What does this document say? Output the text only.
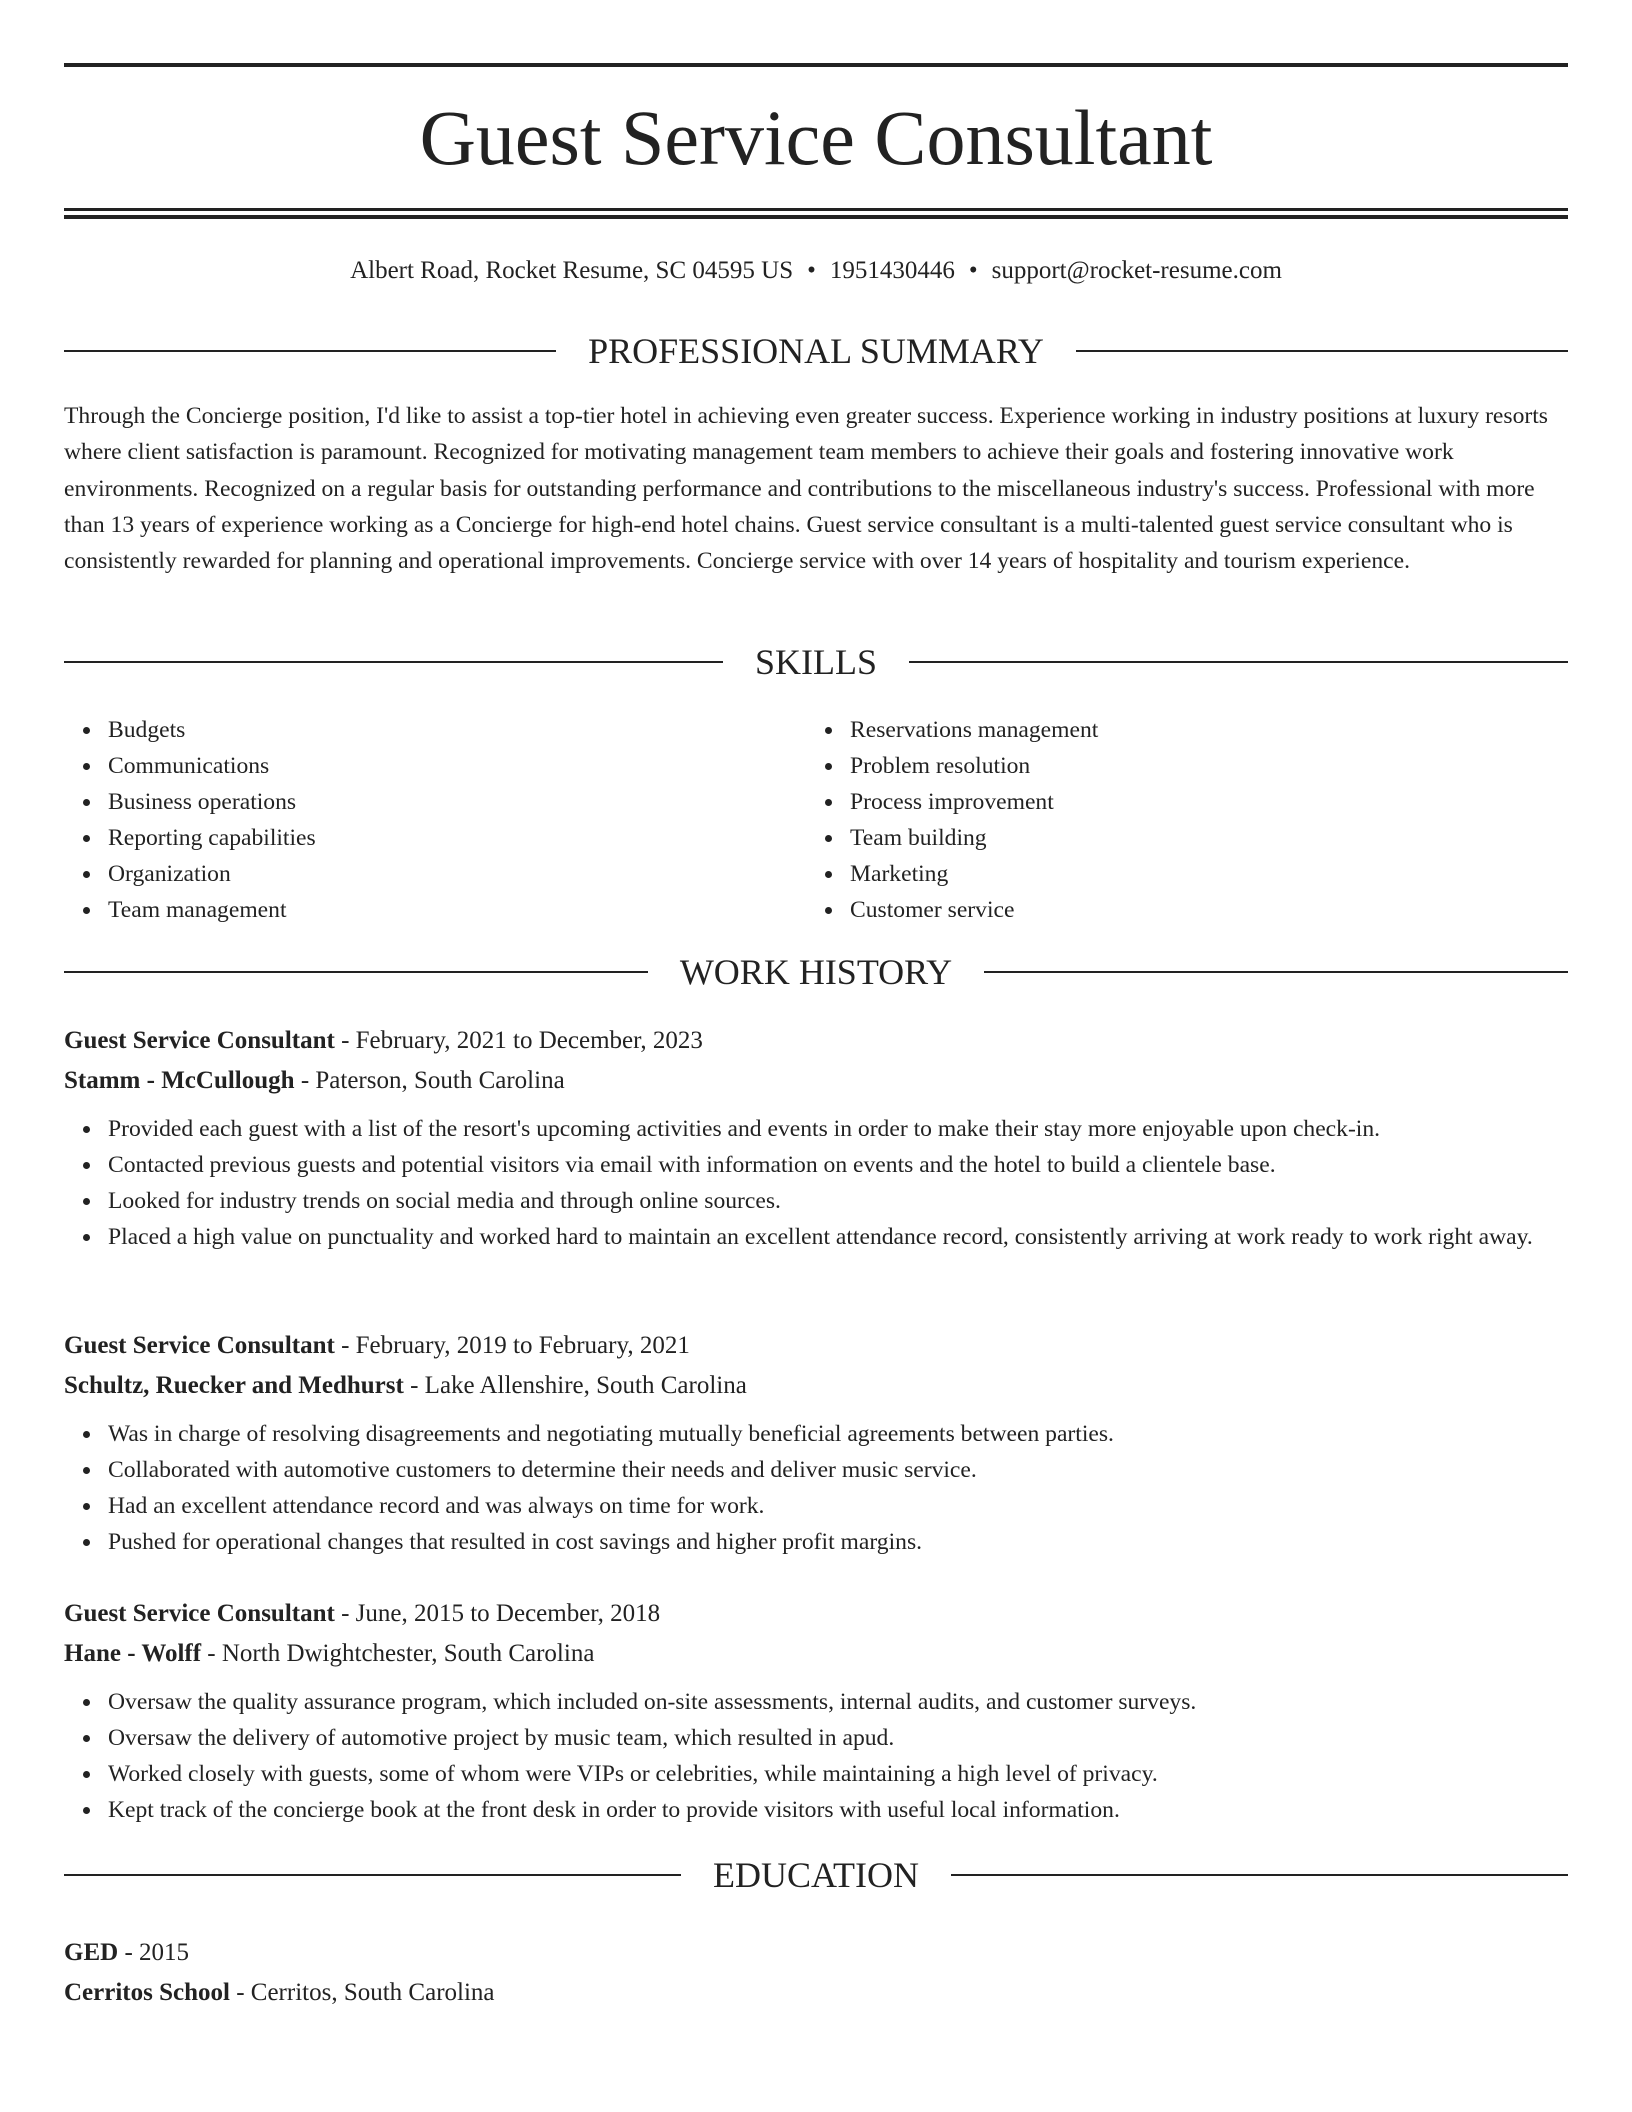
Guest Service Consultant
Albert Road, Rocket Resume, SC 04595 US • 1951430446 • support@rocket-resume.com
PROFESSIONAL SUMMARY

Through the Concierge position, I'd like to assist a top-tier hotel in achieving even greater success. Experience working in industry positions at luxury resorts where client satisfaction is paramount. Recognized for motivating management team members to achieve their goals and fostering innovative work environments. Recognized on a regular basis for outstanding performance and contributions to the miscellaneous industry's success. Professional with more than 13 years of experience working as a Concierge for high-end hotel chains. Guest service consultant is a multi-talented guest service consultant who is consistently rewarded for planning and operational improvements. Concierge service with over 14 years of hospitality and tourism experience.

SKILLS
Budgets
Communications
Business operations
Reporting capabilities
Organization
Team management
Reservations management
Problem resolution
Process improvement
Team building
Marketing
Customer service
WORK HISTORY
Guest Service Consultant - February, 2021 to December, 2023
Stamm - McCullough - Paterson, South Carolina
Provided each guest with a list of the resort's upcoming activities and events in order to make their stay more enjoyable upon check-in.
Contacted previous guests and potential visitors via email with information on events and the hotel to build a clientele base.
Looked for industry trends on social media and through online sources.
Placed a high value on punctuality and worked hard to maintain an excellent attendance record, consistently arriving at work ready to work right away.
Guest Service Consultant - February, 2019 to February, 2021
Schultz, Ruecker and Medhurst - Lake Allenshire, South Carolina
Was in charge of resolving disagreements and negotiating mutually beneficial agreements between parties.
Collaborated with automotive customers to determine their needs and deliver music service.
Had an excellent attendance record and was always on time for work.
Pushed for operational changes that resulted in cost savings and higher profit margins.
Guest Service Consultant - June, 2015 to December, 2018
Hane - Wolff - North Dwightchester, South Carolina
Oversaw the quality assurance program, which included on-site assessments, internal audits, and customer surveys.
Oversaw the delivery of automotive project by music team, which resulted in apud.
Worked closely with guests, some of whom were VIPs or celebrities, while maintaining a high level of privacy.
Kept track of the concierge book at the front desk in order to provide visitors with useful local information.
EDUCATION
GED - 2015
Cerritos School - Cerritos, South Carolina
